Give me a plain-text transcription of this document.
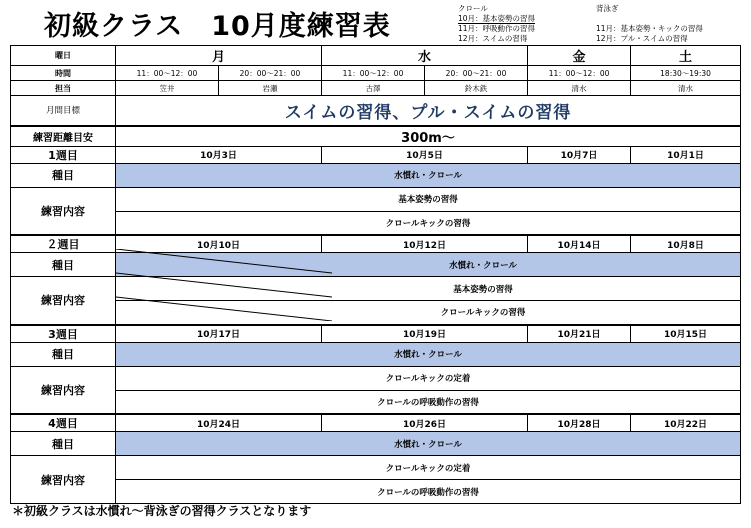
初級クラス　10月度練習表
クロール
10月：基本姿勢の習得
11月：呼吸動作の習得
12月：スイムの習得
背泳ぎ

11月：基本姿勢・キックの習得
12月：プル・スイムの習得
曜日	月		水		金	土
時間	11：00〜12：00	20：00〜21：00	11：00〜12：00	20：00〜21：00	11：00〜12：00	18:30〜19:30
担当	笠井	岩瀬	古澤	鈴木鉄	清水	清水
月間目標	スイムの習得、プル・スイムの習得					
練習距離目安	300m〜					
1週目	10月3日		10月5日		10月7日	10月1日
種目	水慣れ・クロール					
練習内容	基本姿勢の習得					
	クロールキックの習得					
２週目	10月10日		10月12日		10月14日	10月8日
種目	水慣れ・クロール					
練習内容	基本姿勢の習得					
	クロールキックの習得					
3週目	10月17日		10月19日		10月21日	10月15日
種目	水慣れ・クロール					
練習内容	クロールキックの定着					
	クロールの呼吸動作の習得					
4週目	10月24日		10月26日		10月28日	10月22日
種目	水慣れ・クロール					
練習内容	クロールキックの定着					
	クロールの呼吸動作の習得					
＊初級クラスは水慣れ〜背泳ぎの習得クラスとなります
